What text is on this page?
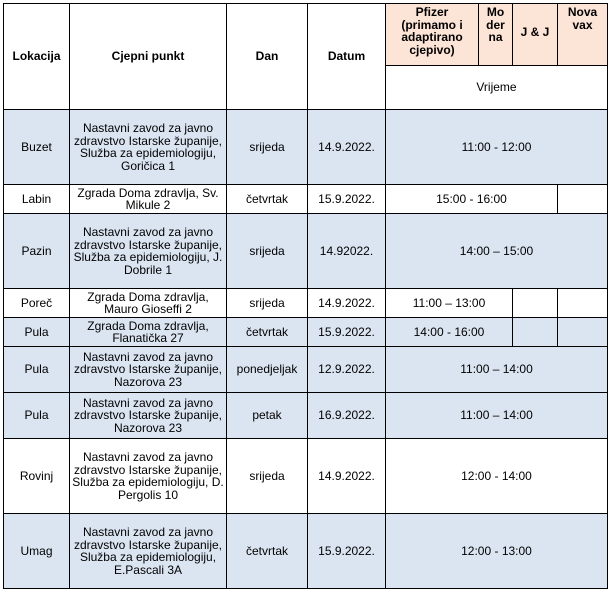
Lokacija	Cjepni punkt	Dan	Datum	Pfizer (primamo i adaptirano cjepivo)	Mo der na	J & J	Nova vax
				Vrijeme			
Buzet	Nastavni zavod za javno zdravstvo Istarske županije, Služba za epidemiologiju, Goričica 1	srijeda	14.9.2022.	11:00 - 12:00			
Labin	Zgrada Doma zdravlja, Sv. Mikule 2	četvrtak	15.9.2022.	15:00 - 16:00			
Pazin	Nastavni zavod za javno zdravstvo Istarske županije, Služba za epidemiologiju, J. Dobrile 1	srijeda	14.92022.	14:00 – 15:00			
Poreč	Zgrada Doma zdravlja, Mauro Gioseffi 2	srijeda	14.9.2022.	11:00 – 13:00			
Pula	Zgrada Doma zdravlja, Flanatička 27	četvrtak	15.9.2022.	14:00 - 16:00			
Pula	Nastavni zavod za javno zdravstvo Istarske županije, Nazorova 23	ponedjeljak	12.9.2022.	11:00 – 14:00			
Pula	Nastavni zavod za javno zdravstvo Istarske županije, Nazorova 23	petak	16.9.2022.	11:00 – 14:00			
Rovinj	Nastavni zavod za javno zdravstvo Istarske županije, Služba za epidemiologiju, D. Pergolis 10	srijeda	14.9.2022.	12:00 - 14:00			
Umag	Nastavni zavod za javno zdravstvo Istarske županije, Služba za epidemiologiju, E.Pascali 3A	četvrtak	15.9.2022.	12:00 - 13:00			
